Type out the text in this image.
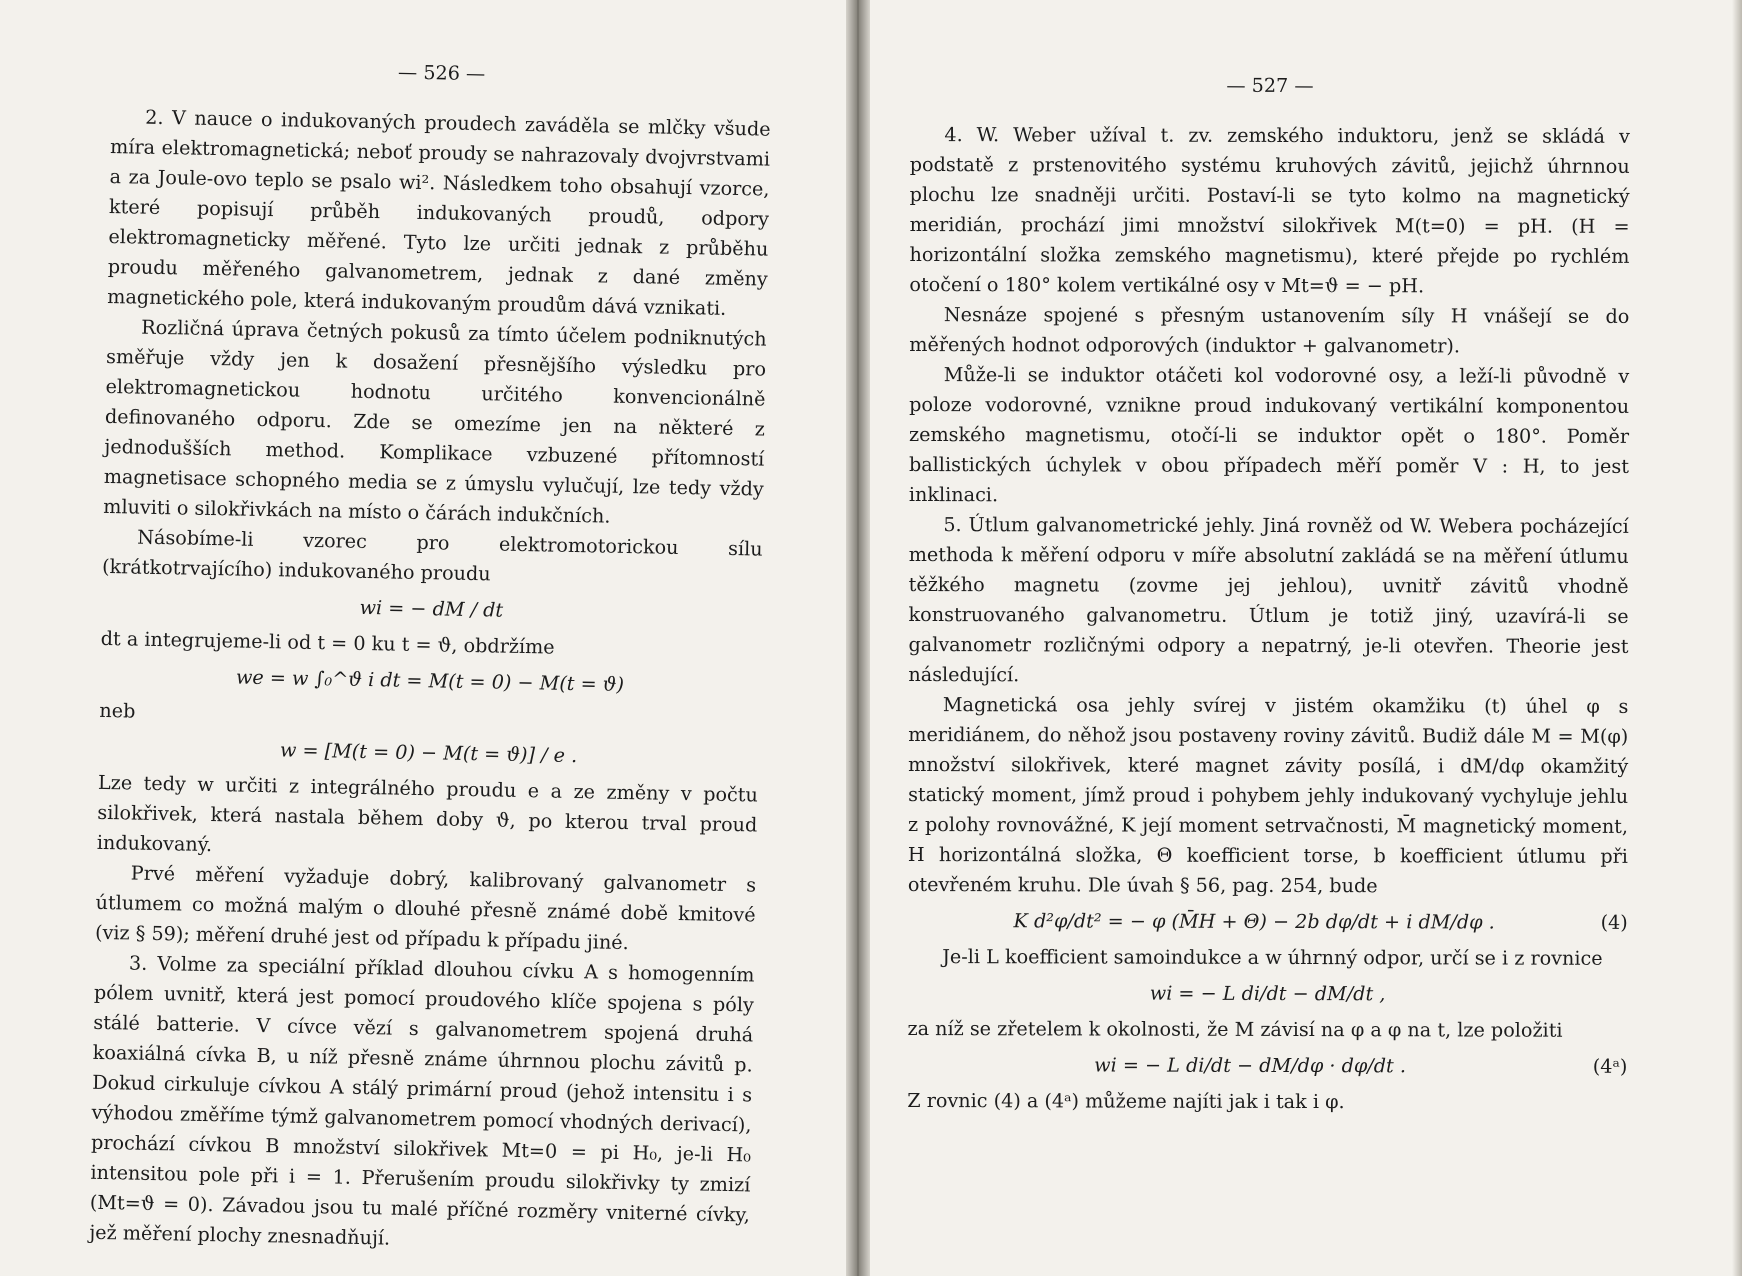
— 526 —

2. V nauce o indukovaných proudech zaváděla se mlčky všude míra elektromagnetická; neboť proudy se nahrazovaly dvojvrstvami a za Joule-ovo teplo se psalo wi². Následkem toho obsahují vzorce, které popisují průběh indukovaných proudů, odpory elektromagneticky měřené. Tyto lze určiti jednak z průběhu proudu měřeného galvanometrem, jednak z dané změny magnetického pole, která indukovaným proudům dává vznikati.

Rozličná úprava četných pokusů za tímto účelem podniknutých směřuje vždy jen k dosažení přesnějšího výsledku pro elektromagnetickou hodnotu určitého konvencionálně definovaného odporu. Zde se omezíme jen na některé z jednodušších method. Komplikace vzbuzené přítomností magnetisace schopného media se z úmyslu vylučují, lze tedy vždy mluviti o silokřivkách na místo o čárách indukčních.

Násobíme-li vzorec pro elektromotorickou sílu (krátkotrvajícího) indukovaného proudu

wi = − dM / dt

dt a integrujeme-li od t = 0 ku t = ϑ, obdržíme

we = w ∫₀^ϑ i dt = M(t = 0) − M(t = ϑ)
neb
w = [M(t = 0) − M(t = ϑ)] / e .

Lze tedy w určiti z integrálného proudu e a ze změny v počtu silokřivek, která nastala během doby ϑ, po kterou trval proud indukovaný.

Prvé měření vyžaduje dobrý, kalibrovaný galvanometr s útlumem co možná malým o dlouhé přesně známé době kmitové (viz § 59); měření druhé jest od případu k případu jiné.

3. Volme za speciální příklad dlouhou cívku A s homogenním pólem uvnitř, která jest pomocí proudového klíče spojena s póly stálé batterie. V cívce vězí s galvanometrem spojená druhá koaxiálná cívka B, u níž přesně známe úhrnnou plochu závitů p. Dokud cirkuluje cívkou A stálý primární proud (jehož intensitu i s výhodou změříme týmž galvanometrem pomocí vhodných derivací), prochází cívkou B množství silokřivek Mt=0 = pi H₀, je-li H₀ intensitou pole při i = 1. Přerušením proudu silokřivky ty zmizí (Mt=ϑ = 0). Závadou jsou tu malé příčné rozměry vniterné cívky, jež měření plochy znesnadňují.

— 527 —

4. W. Weber užíval t. zv. zemského induktoru, jenž se skládá v podstatě z prstenovitého systému kruhových závitů, jejichž úhrnnou plochu lze snadněji určiti. Postaví-li se tyto kolmo na magnetický meridián, prochází jimi množství silokřivek M(t=0) = pH. (H = horizontální složka zemského magnetismu), které přejde po rychlém otočení o 180° kolem vertikálné osy v Mt=ϑ = − pH.

Nesnáze spojené s přesným ustanovením síly H vnášejí se do měřených hodnot odporových (induktor + galvanometr).

Může-li se induktor otáčeti kol vodorovné osy, a leží-li původně v poloze vodorovné, vznikne proud indukovaný vertikální komponentou zemského magnetismu, otočí-li se induktor opět o 180°. Poměr ballistických úchylek v obou případech měří poměr V : H, to jest inklinaci.

5. Útlum galvanometrické jehly. Jiná rovněž od W. Webera pocházející methoda k měření odporu v míře absolutní zakládá se na měření útlumu těžkého magnetu (zovme jej jehlou), uvnitř závitů vhodně konstruovaného galvanometru. Útlum je totiž jiný, uzavírá-li se galvanometr rozličnými odpory a nepatrný, je-li otevřen. Theorie jest následující.

Magnetická osa jehly svírej v jistém okamžiku (t) úhel φ s meridiánem, do něhož jsou postaveny roviny závitů. Budiž dále M = M(φ) množství silokřivek, které magnet závity posílá, i dM/dφ okamžitý statický moment, jímž proud i pohybem jehly indukovaný vychyluje jehlu z polohy rovnovážné, K její moment setrvačnosti, M̄ magnetický moment, H horizontálná složka, Θ koefficient torse, b koefficient útlumu při otevřeném kruhu. Dle úvah § 56, pag. 254, bude

K d²φ/dt² = − φ (M̄H + Θ) − 2b dφ/dt + i dM/dφ .	(4)

Je-li L koefficient samoindukce a w úhrnný odpor, určí se i z rovnice

wi = − L di/dt − dM/dt ,

za níž se zřetelem k okolnosti, že M závisí na φ a φ na t, lze položiti

wi = − L di/dt − dM/dφ · dφ/dt .	(4ᵃ)

Z rovnic (4) a (4ᵃ) můžeme najíti jak i tak i φ.
